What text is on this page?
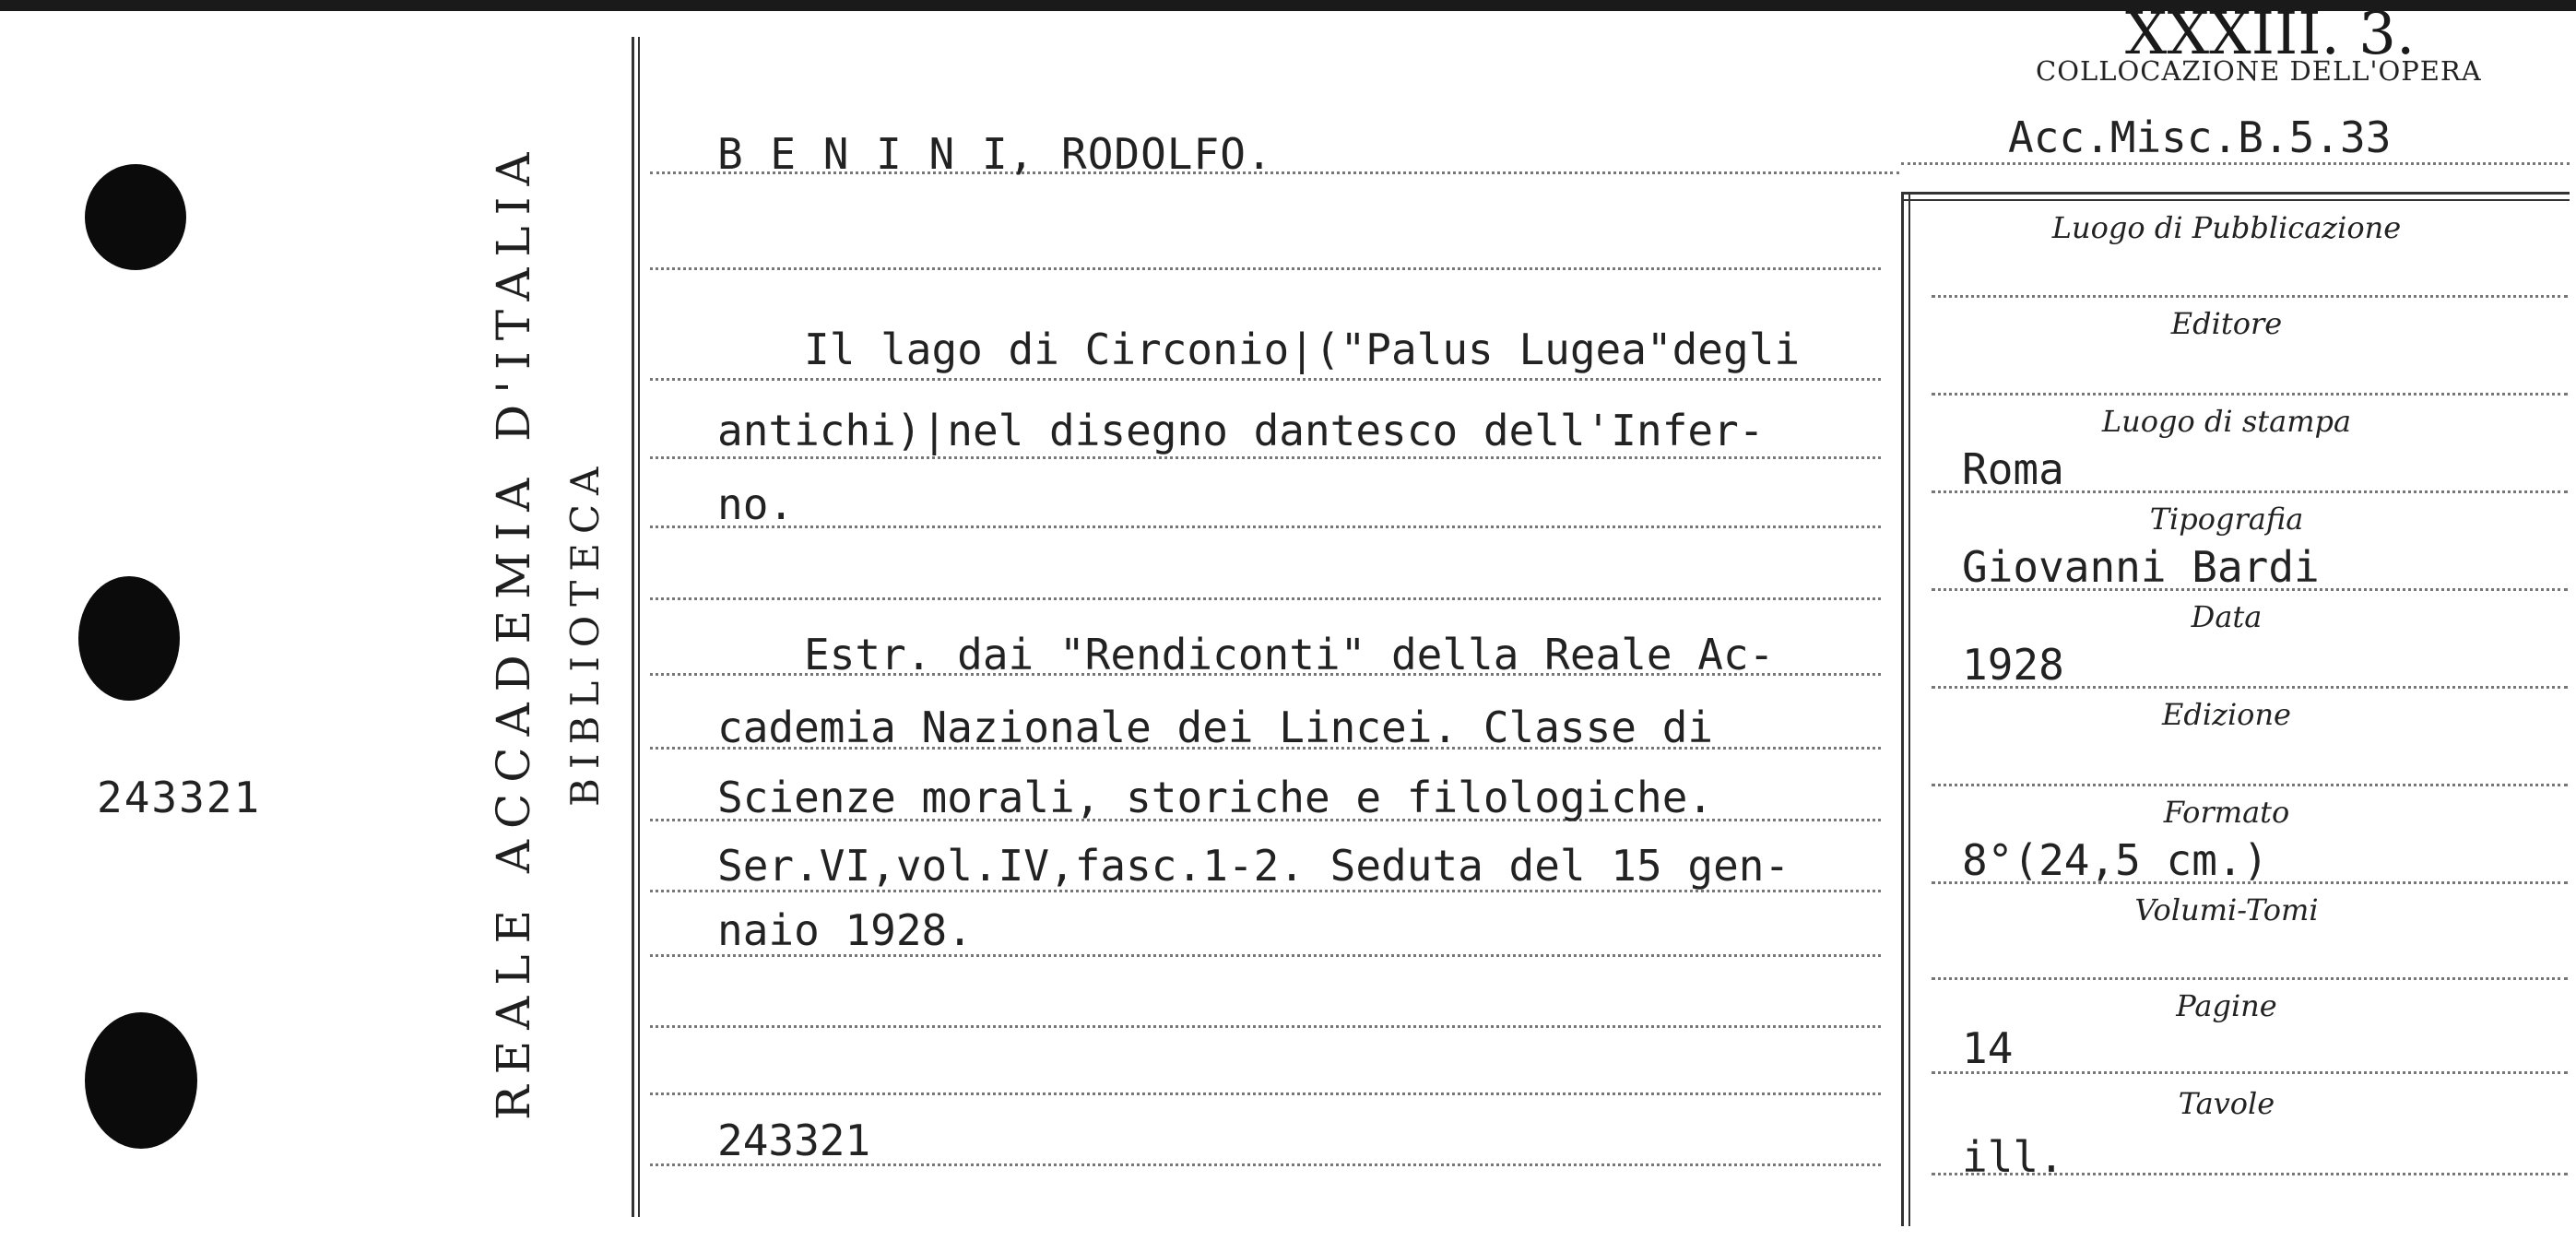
243321	REALE ACCADEMIA D'ITALIA BIBLIOTECA
XXXIII. 3.
COLLOCAZIONE DELL'OPERA
Acc.Misc.B.5.33
B E N I N I, RODOLFO.
Il lago di Circonio|("Palus Lugea"degli
antichi)|nel disegno dantesco dell'Infer-
no.
Estr. dai "Rendiconti" della Reale Ac-
cademia Nazionale dei Lincei. Classe di
Scienze morali, storiche e filologiche.
Ser.VI,vol.IV,fasc.1-2. Seduta del 15 gen-
naio 1928.
243321
Luogo di Pubblicazione
Editore
Luogo di stampa
Tipografia
Data
Edizione
Formato
Volumi-Tomi
Pagine
Tavole
Roma
Giovanni Bardi
1928
8°(24,5 cm.)
14
ill.
